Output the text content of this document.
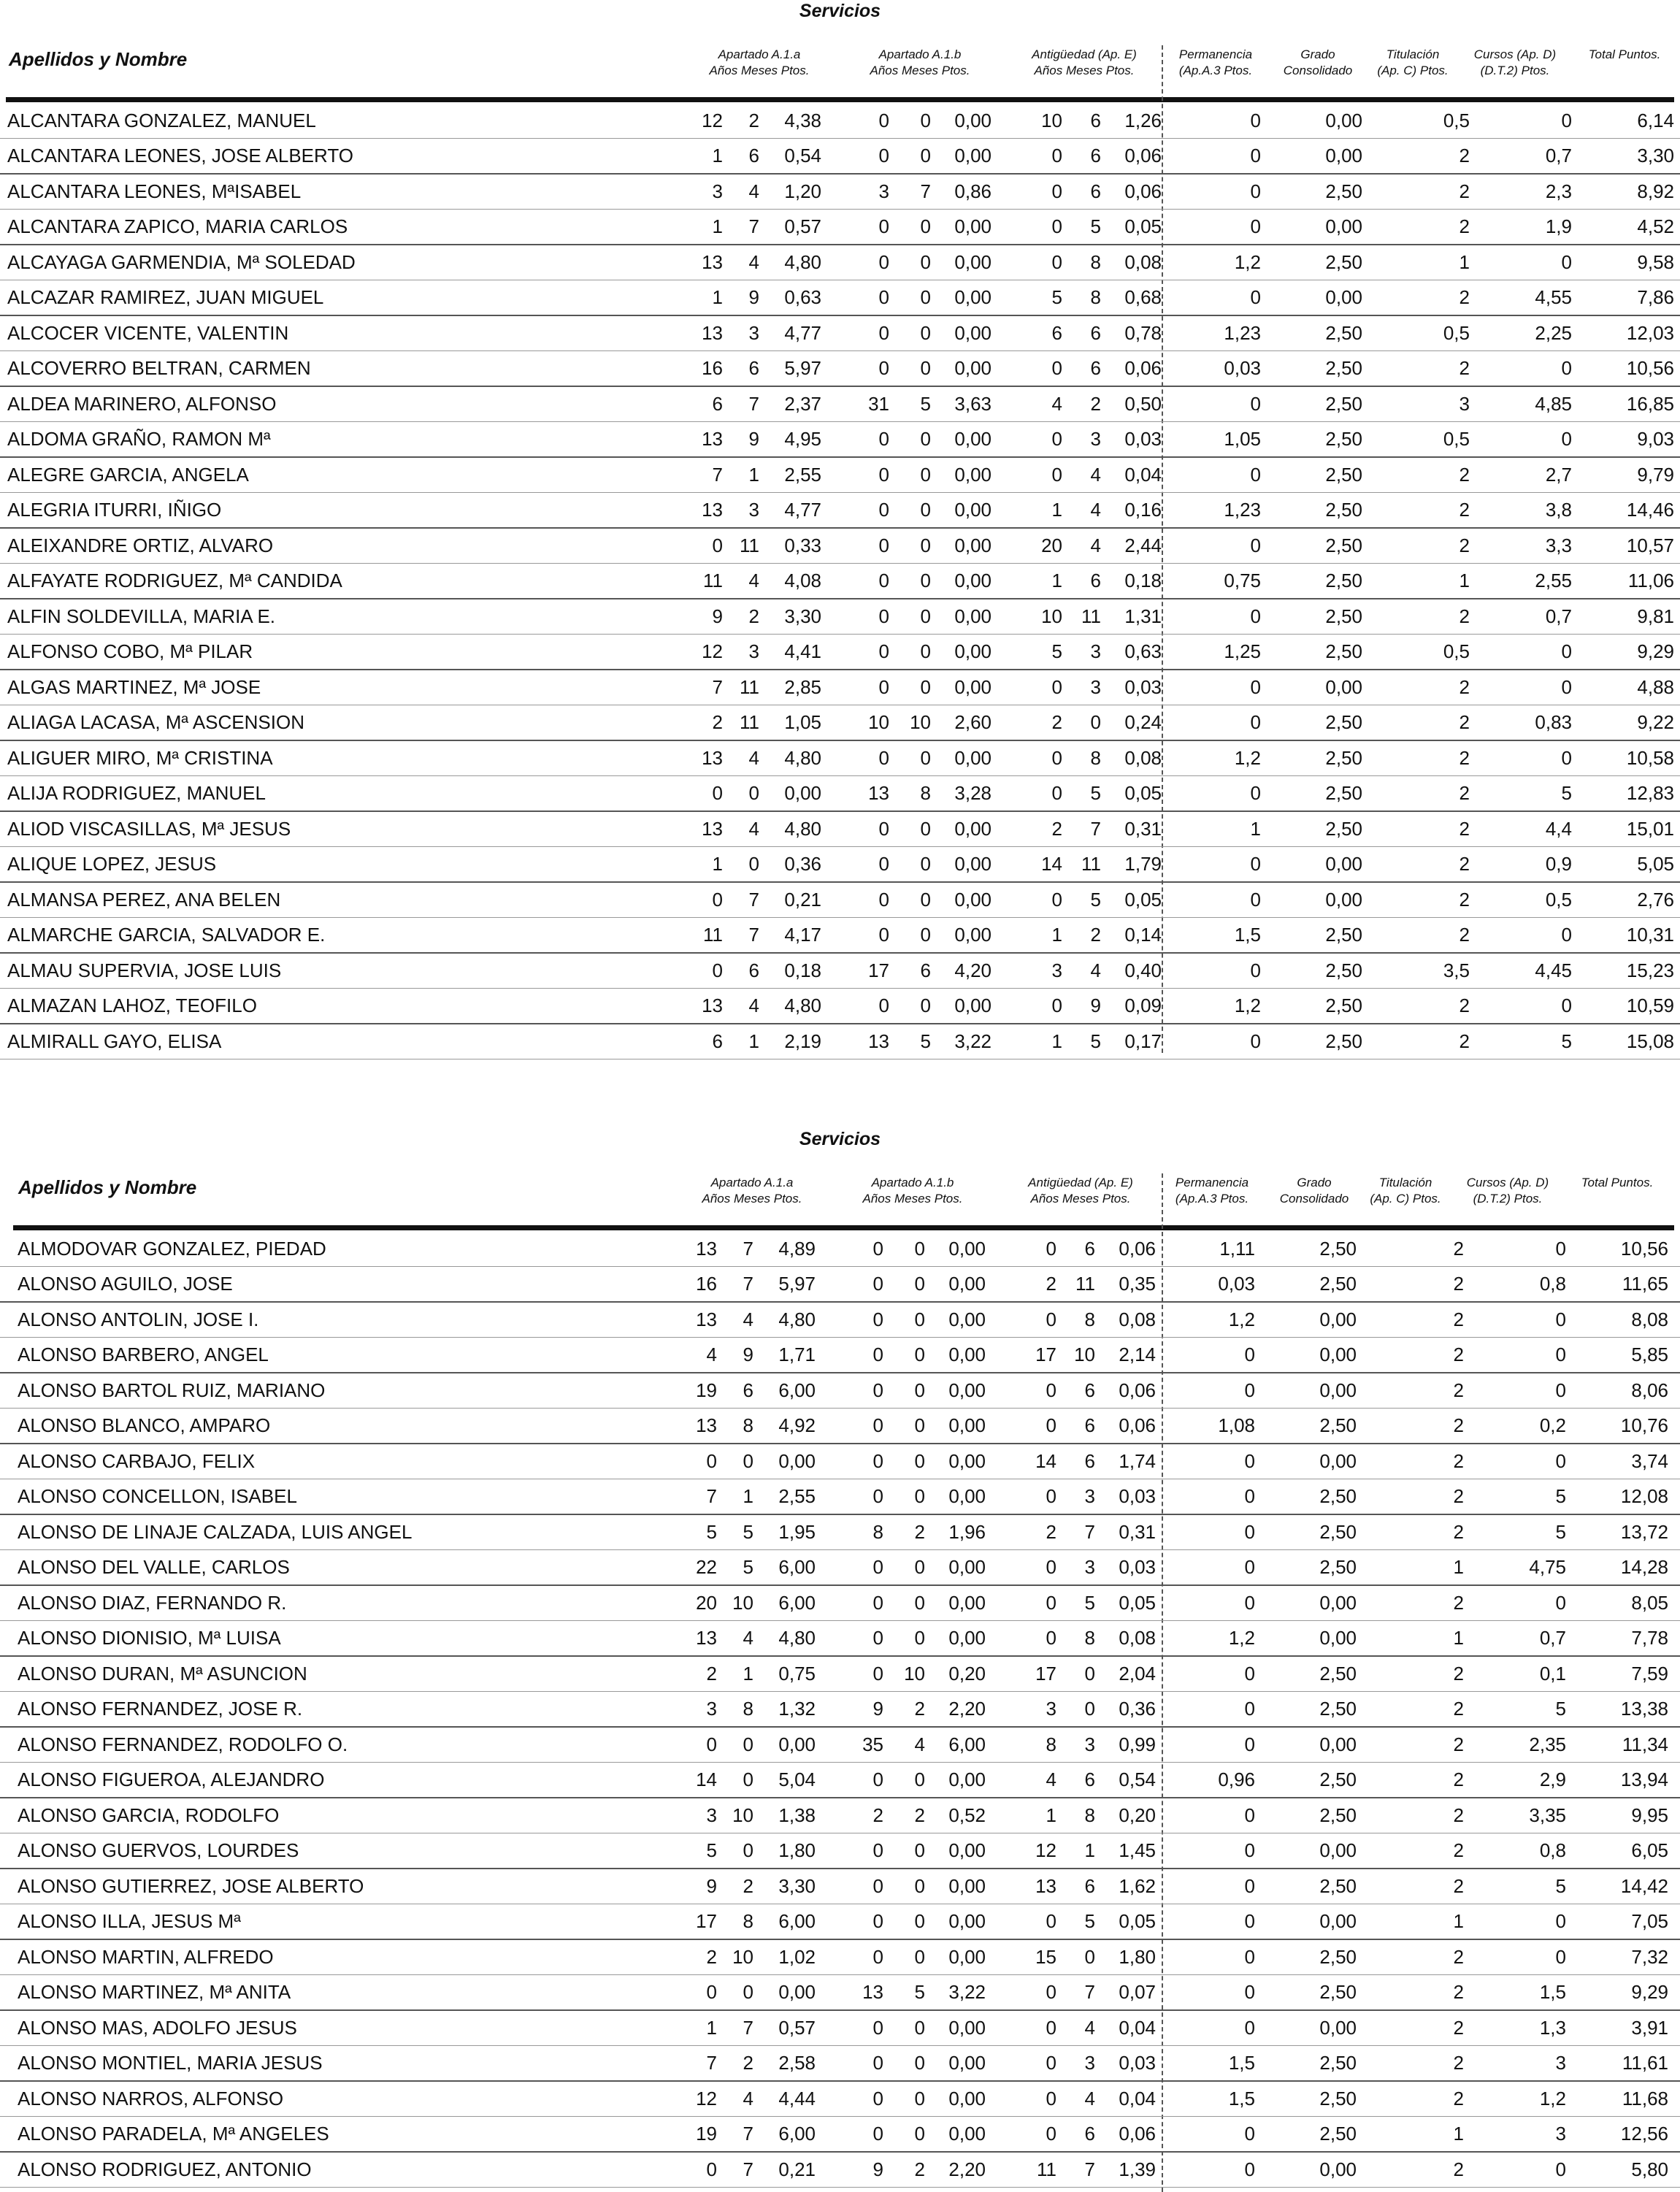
Servicios
Apellidos y Nombre	Apartado A.1.a
Años Meses Ptos.
Apartado A.1.b
Años Meses Ptos.
Antigüedad (Ap. E)
Años Meses Ptos.
Permanencia
(Ap.A.3 Ptos.
Grado
Consolidado
Titulación
(Ap. C) Ptos.
Cursos (Ap. D)
(D.T.2) Ptos.
Total Puntos.
ALCANTARA GONZALEZ, MANUEL	12	2	4,38	0	0	0,00	10	6	1,26	0	0,00	0,5	0	6,14
ALCANTARA LEONES, JOSE ALBERTO	1	6	0,54	0	0	0,00	0	6	0,06	0	0,00	2	0,7	3,30
ALCANTARA LEONES, MªISABEL	3	4	1,20	3	7	0,86	0	6	0,06	0	2,50	2	2,3	8,92
ALCANTARA ZAPICO, MARIA CARLOS	1	7	0,57	0	0	0,00	0	5	0,05	0	0,00	2	1,9	4,52
ALCAYAGA GARMENDIA, Mª SOLEDAD	13	4	4,80	0	0	0,00	0	8	0,08	1,2	2,50	1	0	9,58
ALCAZAR RAMIREZ, JUAN MIGUEL	1	9	0,63	0	0	0,00	5	8	0,68	0	0,00	2	4,55	7,86
ALCOCER VICENTE, VALENTIN	13	3	4,77	0	0	0,00	6	6	0,78	1,23	2,50	0,5	2,25	12,03
ALCOVERRO BELTRAN, CARMEN	16	6	5,97	0	0	0,00	0	6	0,06	0,03	2,50	2	0	10,56
ALDEA MARINERO, ALFONSO	6	7	2,37	31	5	3,63	4	2	0,50	0	2,50	3	4,85	16,85
ALDOMA GRAÑO, RAMON Mª	13	9	4,95	0	0	0,00	0	3	0,03	1,05	2,50	0,5	0	9,03
ALEGRE GARCIA, ANGELA	7	1	2,55	0	0	0,00	0	4	0,04	0	2,50	2	2,7	9,79
ALEGRIA ITURRI, IÑIGO	13	3	4,77	0	0	0,00	1	4	0,16	1,23	2,50	2	3,8	14,46
ALEIXANDRE ORTIZ, ALVARO	0 11	0,33	0	0	0,00	20	4	2,44	0	2,50	2	3,3	10,57
ALFAYATE RODRIGUEZ, Mª CANDIDA	11	4	4,08	0	0	0,00	1	6	0,18	0,75	2,50	1	2,55	11,06
ALFIN SOLDEVILLA, MARIA E.	9	2	3,30	0	0	0,00	10	11	1,31	0	2,50	2	0,7	9,81
ALFONSO COBO, Mª PILAR	12	3	4,41	0	0	0,00	5	3	0,63	1,25	2,50	0,5	0	9,29
ALGAS MARTINEZ, Mª JOSE	7 11	2,85	0	0	0,00	0	3	0,03	0	0,00	2	0	4,88
ALIAGA LACASA, Mª ASCENSION	2 11	1,05	10	10	2,60	2	0	0,24	0	2,50	2	0,83	9,22
ALIGUER MIRO, Mª CRISTINA	13	4	4,80	0	0	0,00	0	8	0,08	1,2	2,50	2	0	10,58
ALIJA RODRIGUEZ, MANUEL	0	0	0,00	13	8	3,28	0	5	0,05	0	2,50	2	5	12,83
ALIOD VISCASILLAS, Mª JESUS	13	4	4,80	0	0	0,00	2	7	0,31	1	2,50	2	4,4	15,01
ALIQUE LOPEZ, JESUS	1	0	0,36	0	0	0,00	14	11	1,79	0	0,00	2	0,9	5,05
ALMANSA PEREZ, ANA BELEN	0	7	0,21	0	0	0,00	0	5	0,05	0	0,00	2	0,5	2,76
ALMARCHE GARCIA, SALVADOR E.	11	7	4,17	0	0	0,00	1	2	0,14	1,5	2,50	2	0	10,31
ALMAU SUPERVIA, JOSE LUIS	0	6	0,18	17	6	4,20	3	4	0,40	0	2,50	3,5	4,45	15,23
ALMAZAN LAHOZ, TEOFILO	13	4	4,80	0	0	0,00	0	9	0,09	1,2	2,50	2	0	10,59
ALMIRALL GAYO, ELISA	6	1	2,19	13	5	3,22	1	5	0,17	0	2,50	2	5	15,08
Servicios
Apellidos y Nombre	Apartado A.1.a
Años Meses Ptos.
Apartado A.1.b
Años Meses Ptos.
Antigüedad (Ap. E)
Años Meses Ptos.
Permanencia
(Ap.A.3 Ptos.
Grado
Consolidado
Titulación
(Ap. C) Ptos.
Cursos (Ap. D)
(D.T.2) Ptos.
Total Puntos.
ALMODOVAR GONZALEZ, PIEDAD	13	7	4,89	0	0	0,00	0	6	0,06	1,11	2,50	2	0	10,56
ALONSO AGUILO, JOSE	16	7	5,97	0	0	0,00	2	11	0,35	0,03	2,50	2	0,8	11,65
ALONSO ANTOLIN, JOSE I.	13	4	4,80	0	0	0,00	0	8	0,08	1,2	0,00	2	0	8,08
ALONSO BARBERO, ANGEL	4	9	1,71	0	0	0,00	17 10	2,14	0	0,00	2	0	5,85
ALONSO BARTOL RUIZ, MARIANO	19	6	6,00	0	0	0,00	0	6	0,06	0	0,00	2	0	8,06
ALONSO BLANCO, AMPARO	13	8	4,92	0	0	0,00	0	6	0,06	1,08	2,50	2	0,2	10,76
ALONSO CARBAJO, FELIX	0	0	0,00	0	0	0,00	14	6	1,74	0	0,00	2	0	3,74
ALONSO CONCELLON, ISABEL	7	1	2,55	0	0	0,00	0	3	0,03	0	2,50	2	5	12,08
ALONSO DE LINAJE CALZADA, LUIS ANGEL	5	5	1,95	8	2	1,96	2	7	0,31	0	2,50	2	5	13,72
ALONSO DEL VALLE, CARLOS	22	5	6,00	0	0	0,00	0	3	0,03	0	2,50	1	4,75	14,28
ALONSO DIAZ, FERNANDO R.	20 10	6,00	0	0	0,00	0	5	0,05	0	0,00	2	0	8,05
ALONSO DIONISIO, Mª LUISA	13	4	4,80	0	0	0,00	0	8	0,08	1,2	0,00	1	0,7	7,78
ALONSO DURAN, Mª ASUNCION	2	1	0,75	0	10	0,20	17	0	2,04	0	2,50	2	0,1	7,59
ALONSO FERNANDEZ, JOSE R.	3	8	1,32	9	2	2,20	3	0	0,36	0	2,50	2	5	13,38
ALONSO FERNANDEZ, RODOLFO O.	0	0	0,00	35	4	6,00	8	3	0,99	0	0,00	2	2,35	11,34
ALONSO FIGUEROA, ALEJANDRO	14	0	5,04	0	0	0,00	4	6	0,54	0,96	2,50	2	2,9	13,94
ALONSO GARCIA, RODOLFO	3 10	1,38	2	2	0,52	1	8	0,20	0	2,50	2	3,35	9,95
ALONSO GUERVOS, LOURDES	5	0	1,80	0	0	0,00	12	1	1,45	0	0,00	2	0,8	6,05
ALONSO GUTIERREZ, JOSE ALBERTO	9	2	3,30	0	0	0,00	13	6	1,62	0	2,50	2	5	14,42
ALONSO ILLA, JESUS Mª	17	8	6,00	0	0	0,00	0	5	0,05	0	0,00	1	0	7,05
ALONSO MARTIN, ALFREDO	2 10	1,02	0	0	0,00	15	0	1,80	0	2,50	2	0	7,32
ALONSO MARTINEZ, Mª ANITA	0	0	0,00	13	5	3,22	0	7	0,07	0	2,50	2	1,5	9,29
ALONSO MAS, ADOLFO JESUS	1	7	0,57	0	0	0,00	0	4	0,04	0	0,00	2	1,3	3,91
ALONSO MONTIEL, MARIA JESUS	7	2	2,58	0	0	0,00	0	3	0,03	1,5	2,50	2	3	11,61
ALONSO NARROS, ALFONSO	12	4	4,44	0	0	0,00	0	4	0,04	1,5	2,50	2	1,2	11,68
ALONSO PARADELA, Mª ANGELES	19	7	6,00	0	0	0,00	0	6	0,06	0	2,50	1	3	12,56
ALONSO RODRIGUEZ, ANTONIO	0	7	0,21	9	2	2,20	11	7	1,39	0	0,00	2	0	5,80
